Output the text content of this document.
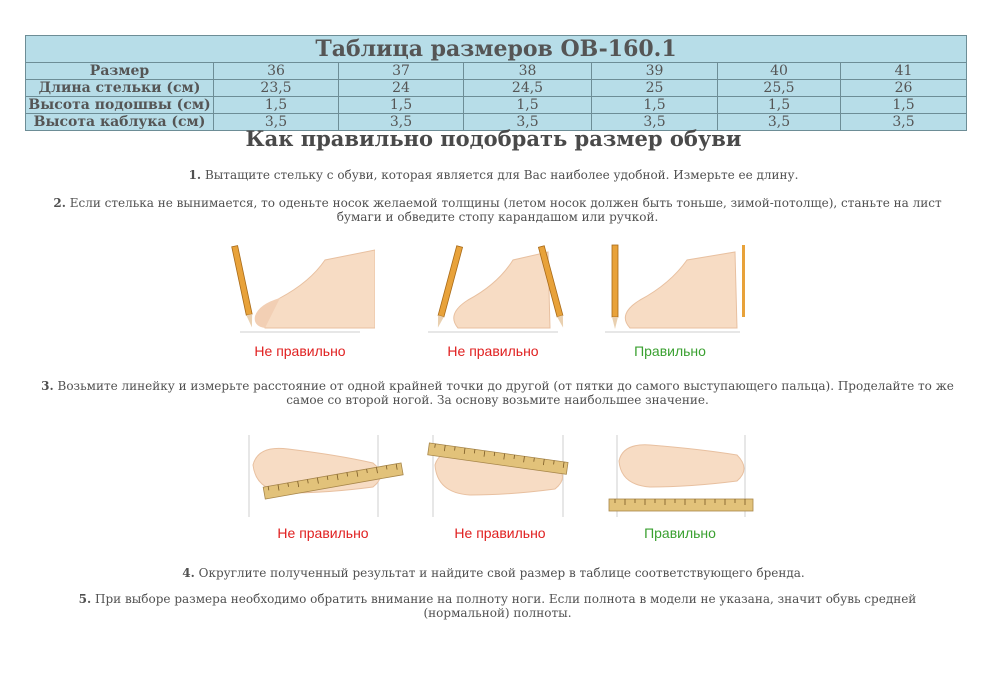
Таблица размеров OB-160.1						
Размер	36	37	38	39	40	41
Длина стельки (см)	23,5	24	24,5	25	25,5	26
Высота подошвы (см)	1,5	1,5	1,5	1,5	1,5	1,5
Высота каблука (см)	3,5	3,5	3,5	3,5	3,5	3,5
Как правильно подобрать размер обуви

1. Вытащите стельку с обуви, которая является для Вас наиболее удобной. Измерьте ее длину.

2. Если стелька не вынимается, то оденьте носок желаемой толщины (летом носок должен быть тоньше, зимой-потолще), станьте на лист бумаги и обведите стопу карандашом или ручкой.

Не правильно	Не правильно	Правильно

3. Возьмите линейку и измерьте расстояние от одной крайней точки до другой (от пятки до самого выступающего пальца). Проделайте то же самое со второй ногой. За основу возьмите наибольшее значение.

Не правильно	Не правильно	Правильно

4. Округлите полученный результат и найдите свой размер в таблице соответствующего бренда.

5. При выборе размера необходимо обратить внимание на полноту ноги. Если полнота в модели не указана, значит обувь средней (нормальной) полноты.
